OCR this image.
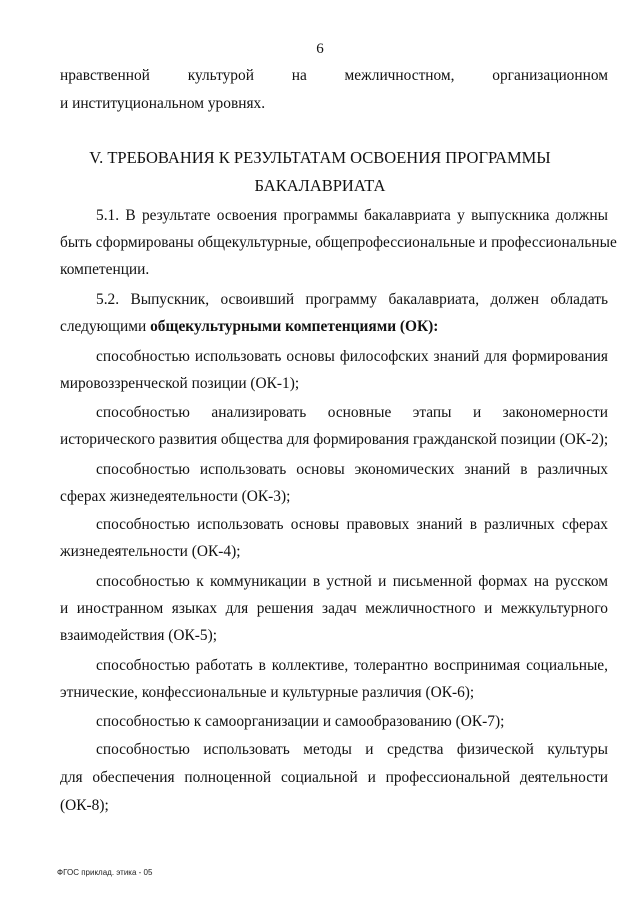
6
нравственной культурой на межличностном, организационном
и институциональном уровнях.
V. ТРЕБОВАНИЯ К РЕЗУЛЬТАТАМ ОСВОЕНИЯ ПРОГРАММЫ
БАКАЛАВРИАТА
5.1. В результате освоения программы бакалавриата у выпускника должны
быть сформированы общекультурные, общепрофессиональные и профессиональные
компетенции.
5.2. Выпускник, освоивший программу бакалавриата, должен обладать
следующими общекультурными компетенциями (ОК):
способностью использовать основы философских знаний для формирования
мировоззренческой позиции (ОК-1);
способностью анализировать основные этапы и закономерности
исторического развития общества для формирования гражданской позиции (ОК-2);
способностью использовать основы экономических знаний в различных
сферах жизнедеятельности (ОК-3);
способностью использовать основы правовых знаний в различных сферах
жизнедеятельности (ОК-4);
способностью к коммуникации в устной и письменной формах на русском
и иностранном языках для решения задач межличностного и межкультурного
взаимодействия (ОК-5);
способностью работать в коллективе, толерантно воспринимая социальные,
этнические, конфессиональные и культурные различия (ОК-6);
способностью к самоорганизации и самообразованию (ОК-7);
способностью использовать методы и средства физической культуры
для обеспечения полноценной социальной и профессиональной деятельности
(ОК-8);
ФГОС приклад. этика - 05
